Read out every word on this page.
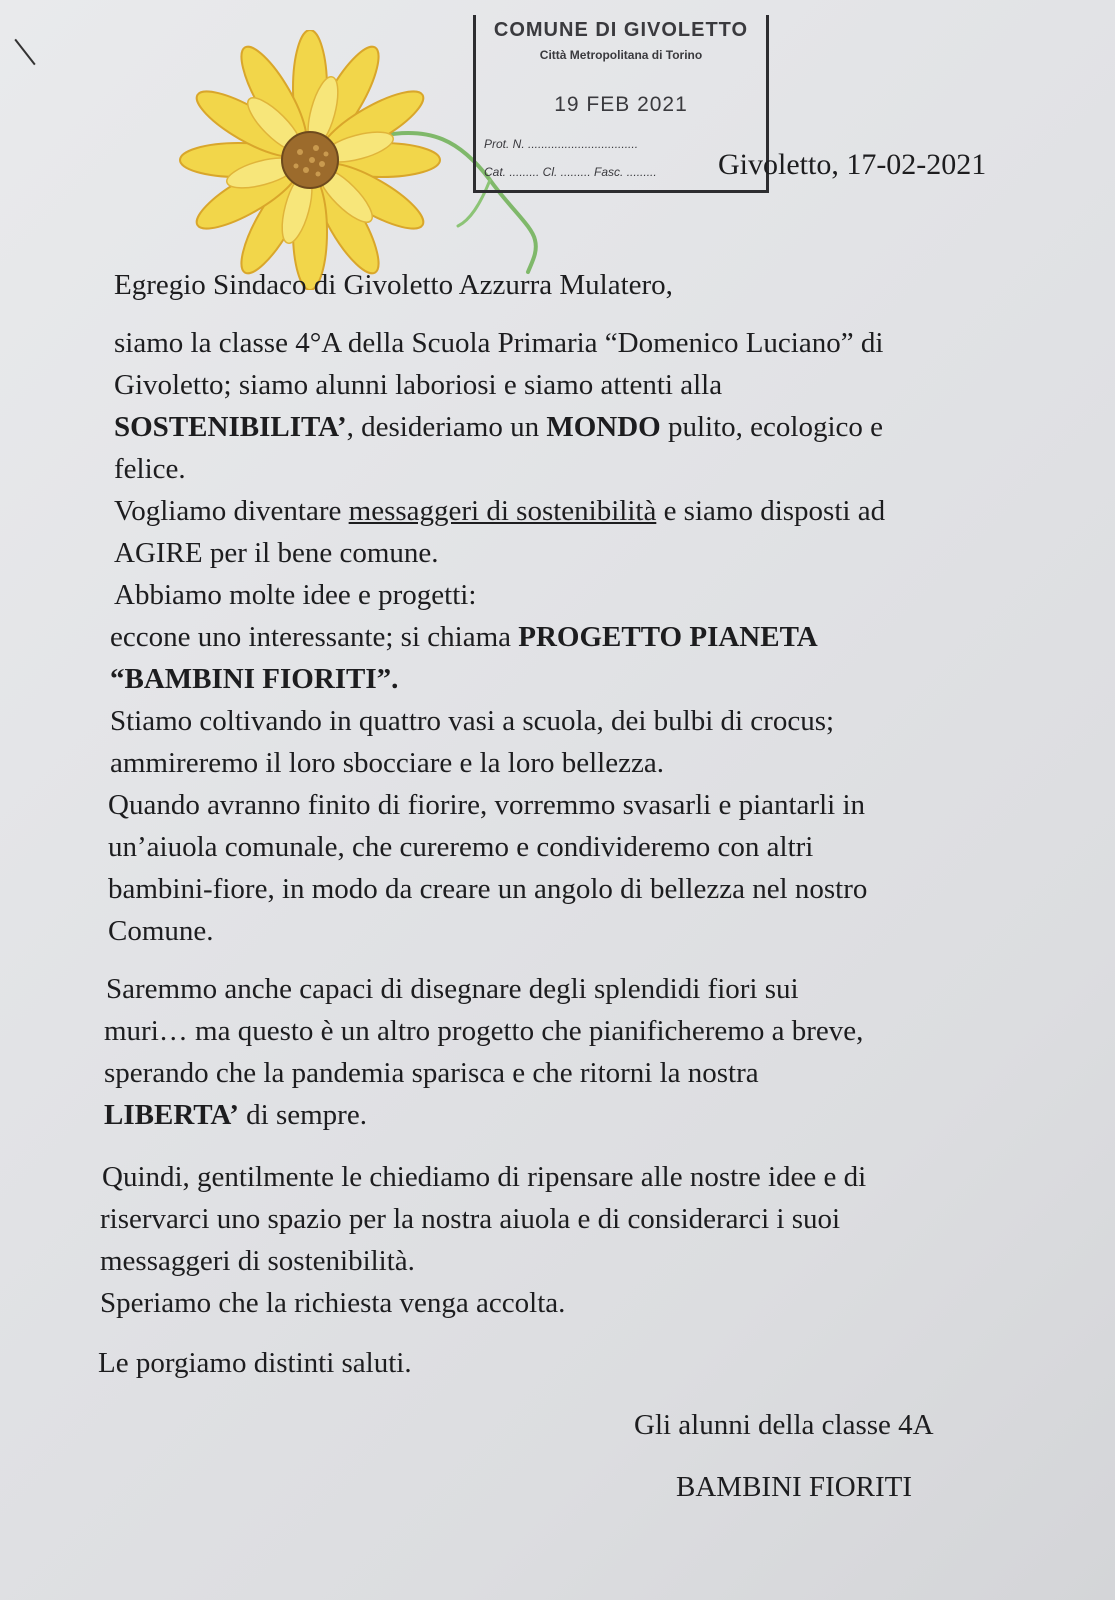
COMUNE DI GIVOLETTO
Città Metropolitana di Torino
19 FEB 2021
Prot. N. .................................
Cat. ......... Cl. ......... Fasc. ......... Givoletto, 17-02-2021
Egregio Sindaco di Givoletto Azzurra Mulatero,
siamo la classe 4°A della Scuola Primaria “Domenico Luciano” di
Givoletto; siamo alunni laboriosi e siamo attenti alla
SOSTENIBILITA’, desideriamo un MONDO pulito, ecologico e
felice.
Vogliamo diventare messaggeri di sostenibilità e siamo disposti ad
AGIRE per il bene comune.
Abbiamo molte idee e progetti:
eccone uno interessante; si chiama PROGETTO PIANETA
“BAMBINI FIORITI”.
Stiamo coltivando in quattro vasi a scuola, dei bulbi di crocus;
ammireremo il loro sbocciare e la loro bellezza.
Quando avranno finito di fiorire, vorremmo svasarli e piantarli in
un’aiuola comunale, che cureremo e condivideremo con altri
bambini-fiore, in modo da creare un angolo di bellezza nel nostro
Comune.
Saremmo anche capaci di disegnare degli splendidi fiori sui
muri… ma questo è un altro progetto che pianificheremo a breve,
sperando che la pandemia sparisca e che ritorni la nostra
LIBERTA’ di sempre.
Quindi, gentilmente le chiediamo di ripensare alle nostre idee e di
riservarci uno spazio per la nostra aiuola e di considerarci i suoi
messaggeri di sostenibilità.
Speriamo che la richiesta venga accolta.
Le porgiamo distinti saluti.
Gli alunni della classe 4A
BAMBINI FIORITI
